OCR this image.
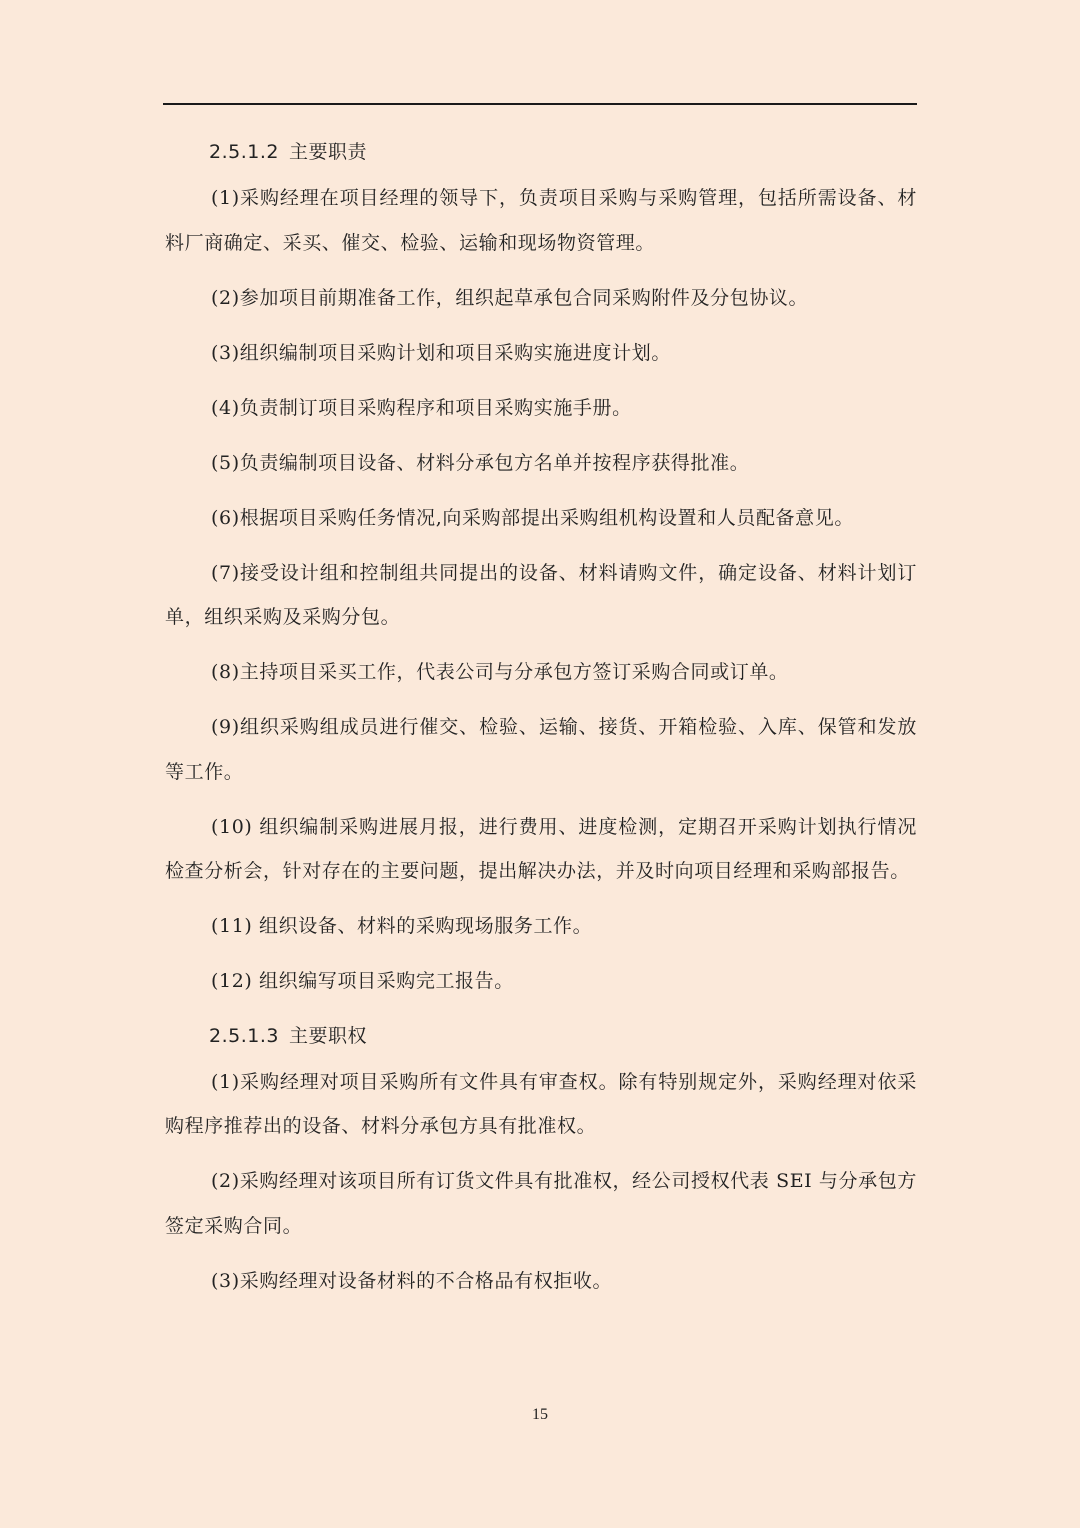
2.5.1.2 主要职责

(1)采购经理在项目经理的领导下，负责项目采购与采购管理，包括所需设备、材料厂商确定、采买、催交、检验、运输和现场物资管理。

(2)参加项目前期准备工作，组织起草承包合同采购附件及分包协议。

(3)组织编制项目采购计划和项目采购实施进度计划。

(4)负责制订项目采购程序和项目采购实施手册。

(5)负责编制项目设备、材料分承包方名单并按程序获得批准。

(6)根据项目采购任务情况,向采购部提出采购组机构设置和人员配备意见。

(7)接受设计组和控制组共同提出的设备、材料请购文件，确定设备、材料计划订单，组织采购及采购分包。

(8)主持项目采买工作，代表公司与分承包方签订采购合同或订单。

(9)组织采购组成员进行催交、检验、运输、接货、开箱检验、入库、保管和发放等工作。

(10) 组织编制采购进展月报，进行费用、进度检测，定期召开采购计划执行情况检查分析会，针对存在的主要问题，提出解决办法，并及时向项目经理和采购部报告。

(11) 组织设备、材料的采购现场服务工作。

(12) 组织编写项目采购完工报告。

2.5.1.3 主要职权

(1)采购经理对项目采购所有文件具有审查权。除有特别规定外，采购经理对依采购程序推荐出的设备、材料分承包方具有批准权。

(2)采购经理对该项目所有订货文件具有批准权，经公司授权代表 SEI 与分承包方签定采购合同。

(3)采购经理对设备材料的不合格品有权拒收。

15
